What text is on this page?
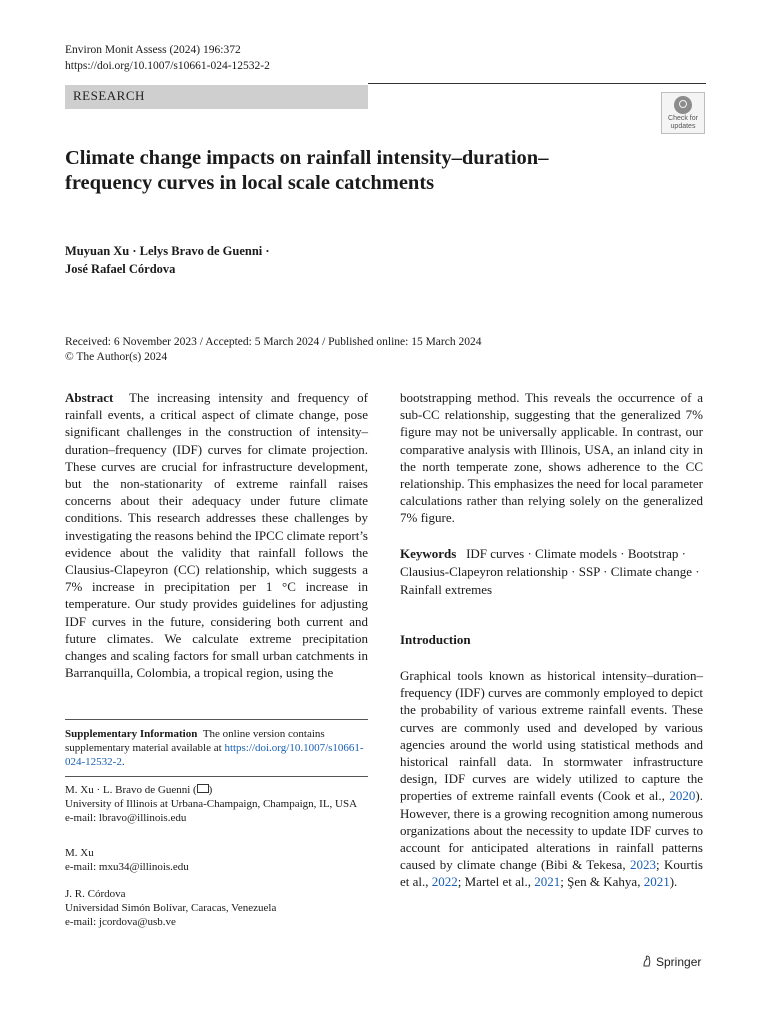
Environ Monit Assess (2024) 196:372
https://doi.org/10.1007/s10661-024-12532-2
RESEARCH
Check for
updates
Climate change impacts on rainfall intensity–duration–frequency curves in local scale catchments
Muyuan Xu · Lelys Bravo de Guenni ·
José Rafael Córdova
Received: 6 November 2023 / Accepted: 5 March 2024 / Published online: 15 March 2024
© The Author(s) 2024
Abstract The increasing intensity and frequency of rainfall events, a critical aspect of climate change, pose significant challenges in the construction of intensity–duration–frequency (IDF) curves for climate projection. These curves are crucial for infrastructure development, but the non-stationarity of extreme rainfall raises concerns about their adequacy under future climate conditions. This research addresses these challenges by investigating the reasons behind the IPCC climate report’s evidence about the validity that rainfall follows the Clausius-Clapeyron (CC) relationship, which suggests a 7% increase in precipitation per 1 °C increase in temperature. Our study provides guidelines for adjusting IDF curves in the future, considering both current and future climates. We calculate extreme precipitation changes and scaling factors for small urban catchments in Barranquilla, Colombia, a tropical region, using the
Supplementary Information The online version contains supplementary material available at https://doi.org/10.1007/s10661-024-12532-2.
M. Xu · L. Bravo de Guenni ( )
University of Illinois at Urbana-Champaign, Champaign, IL, USA
e-mail: lbravo@illinois.edu
M. Xu
e-mail: mxu34@illinois.edu
J. R. Córdova
Universidad Simón Bolívar, Caracas, Venezuela
e-mail: jcordova@usb.ve
bootstrapping method. This reveals the occurrence of a sub-CC relationship, suggesting that the generalized 7% figure may not be universally applicable. In contrast, our comparative analysis with Illinois, USA, an inland city in the north temperate zone, shows adherence to the CC relationship. This emphasizes the need for local parameter calculations rather than relying solely on the generalized 7% figure.
Keywords IDF curves · Climate models · Bootstrap · Clausius-Clapeyron relationship · SSP · Climate change · Rainfall extremes
Introduction
Graphical tools known as historical intensity–duration–frequency (IDF) curves are commonly employed to depict the probability of various extreme rainfall events. These curves are commonly used and developed by various agencies around the world using statistical methods and historical rainfall data. In stormwater infrastructure design, IDF curves are widely utilized to capture the properties of extreme rainfall events (Cook et al., 2020). However, there is a growing recognition among numerous organizations about the necessity to update IDF curves to account for anticipated alterations in rainfall patterns caused by climate change (Bibi & Tekesa, 2023; Kourtis et al., 2022; Martel et al., 2021; Şen & Kahya, 2021).
Springer
